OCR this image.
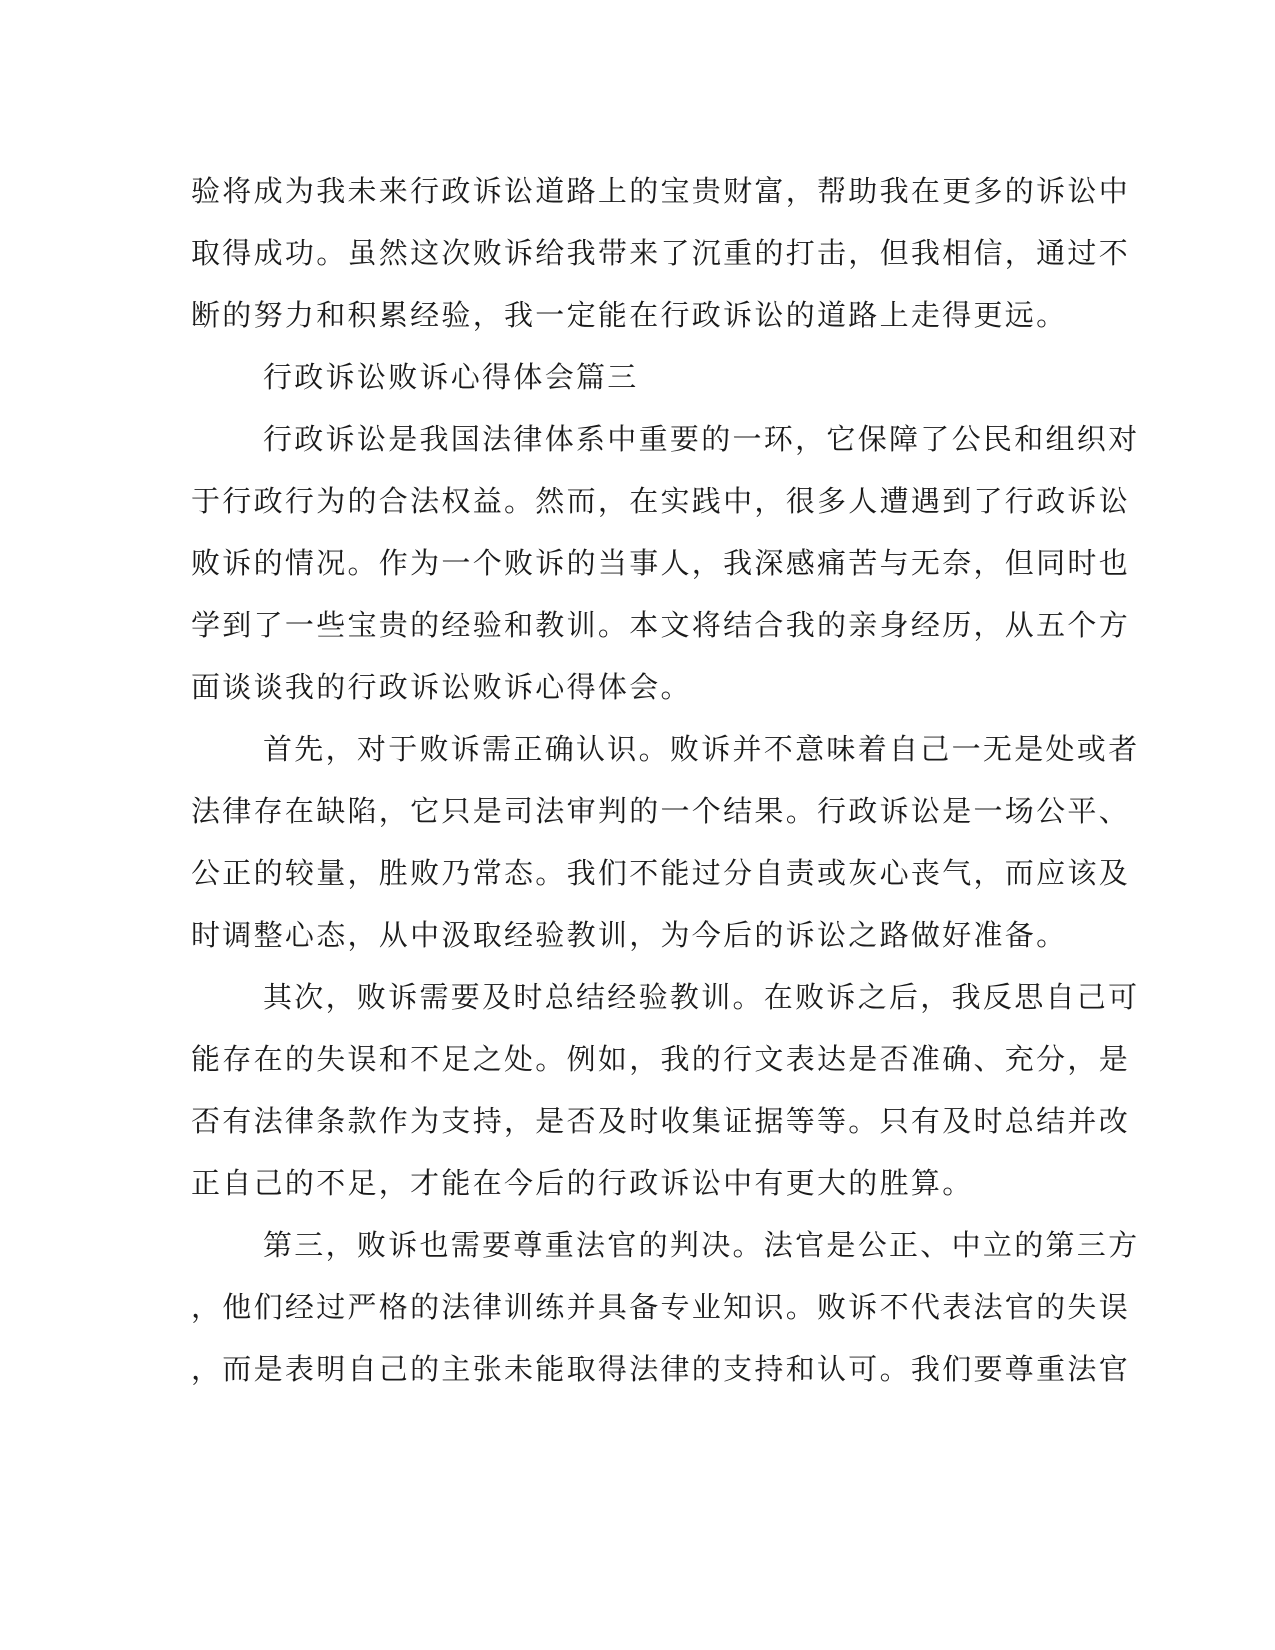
验将成为我未来行政诉讼道路上的宝贵财富，帮助我在更多的诉讼中
取得成功。虽然这次败诉给我带来了沉重的打击，但我相信，通过不
断的努力和积累经验，我一定能在行政诉讼的道路上走得更远。
行政诉讼败诉心得体会篇三
行政诉讼是我国法律体系中重要的一环，它保障了公民和组织对
于行政行为的合法权益。然而，在实践中，很多人遭遇到了行政诉讼
败诉的情况。作为一个败诉的当事人，我深感痛苦与无奈，但同时也
学到了一些宝贵的经验和教训。本文将结合我的亲身经历，从五个方
面谈谈我的行政诉讼败诉心得体会。
首先，对于败诉需正确认识。败诉并不意味着自己一无是处或者
法律存在缺陷，它只是司法审判的一个结果。行政诉讼是一场公平、
公正的较量，胜败乃常态。我们不能过分自责或灰心丧气，而应该及
时调整心态，从中汲取经验教训，为今后的诉讼之路做好准备。
其次，败诉需要及时总结经验教训。在败诉之后，我反思自己可
能存在的失误和不足之处。例如，我的行文表达是否准确、充分，是
否有法律条款作为支持，是否及时收集证据等等。只有及时总结并改
正自己的不足，才能在今后的行政诉讼中有更大的胜算。
第三，败诉也需要尊重法官的判决。法官是公正、中立的第三方
，他们经过严格的法律训练并具备专业知识。败诉不代表法官的失误
，而是表明自己的主张未能取得法律的支持和认可。我们要尊重法官
